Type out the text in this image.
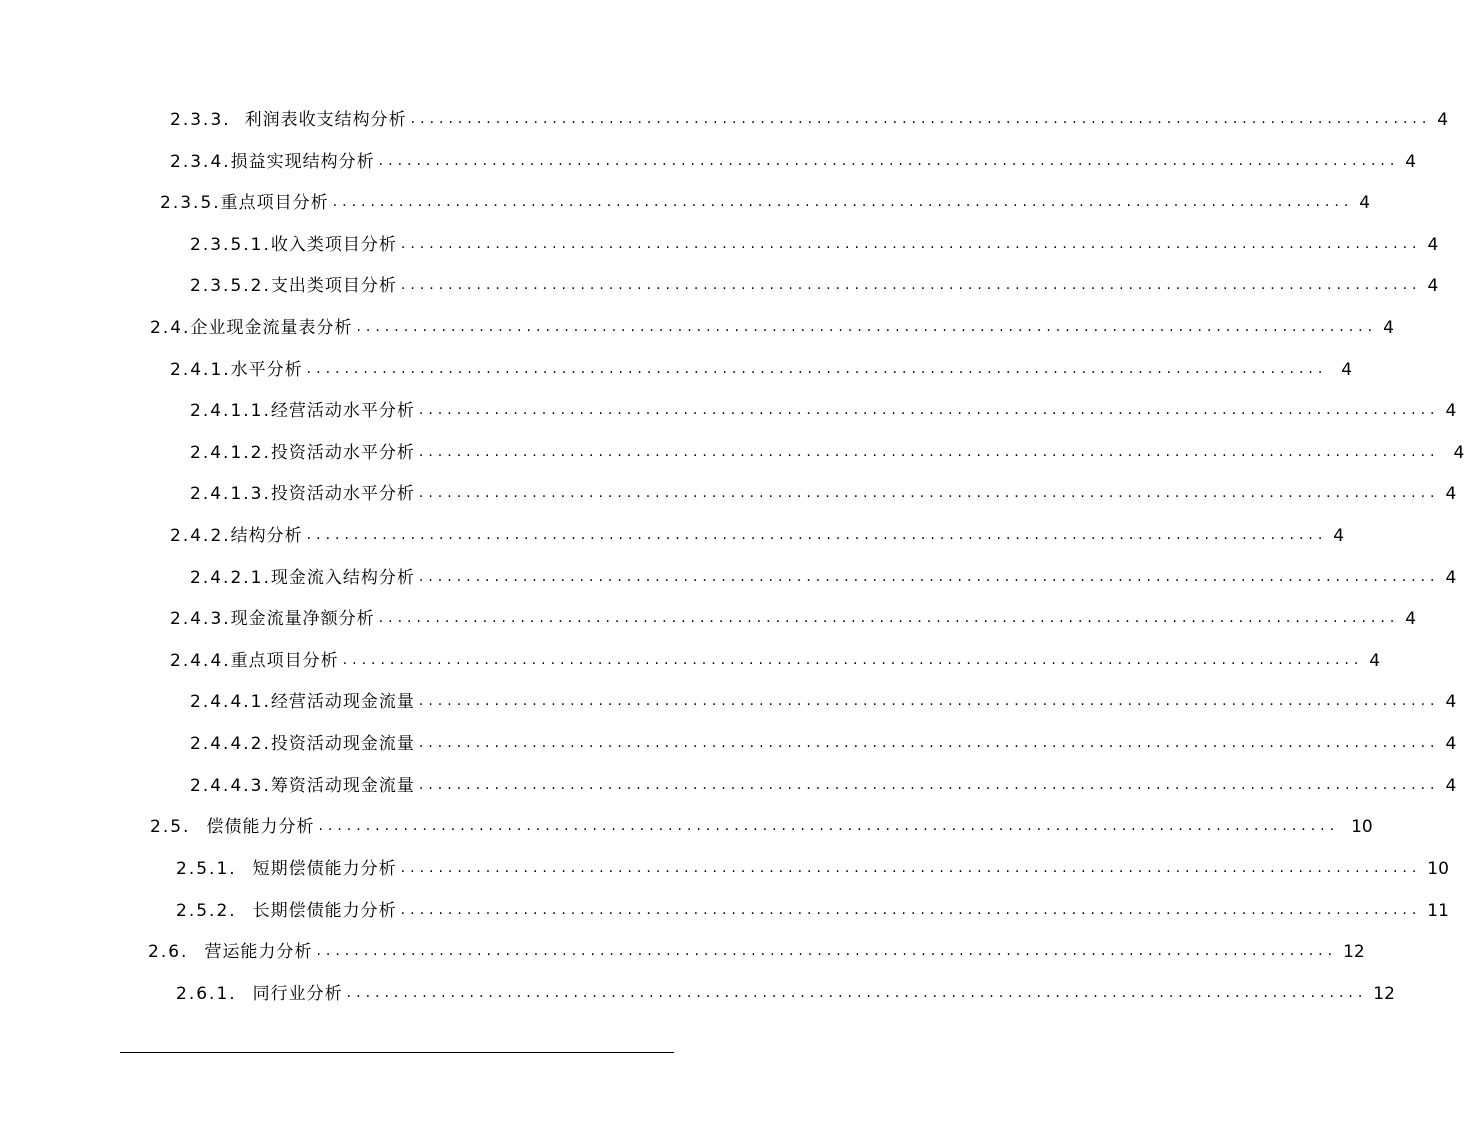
2.3.3. 利润表收支结构分析 ............................................................................................................ 4
2.3.4. 损益实现结构分析 ............................................................................................................ 4
2.3.5. 重点项目分析 ............................................................................................................ 4
2.3.5.1. 收入类项目分析 ............................................................................................................ 4
2.3.5.2. 支出类项目分析 ............................................................................................................ 4
2.4. 企业现金流量表分析 ............................................................................................................ 4
2.4.1. 水平分析 ............................................................................................................ 4
2.4.1.1. 经营活动水平分析 ............................................................................................................ 4
2.4.1.2. 投资活动水平分析 ............................................................................................................ 4
2.4.1.3. 投资活动水平分析 ............................................................................................................ 4
2.4.2. 结构分析 ............................................................................................................ 4
2.4.2.1. 现金流入结构分析 ............................................................................................................ 4
2.4.3. 现金流量净额分析 ............................................................................................................ 4
2.4.4. 重点项目分析 ............................................................................................................ 4
2.4.4.1. 经营活动现金流量 ............................................................................................................ 4
2.4.4.2. 投资活动现金流量 ............................................................................................................ 4
2.4.4.3. 筹资活动现金流量 ............................................................................................................ 4
2.5. 偿债能力分析 ............................................................................................................ 10
2.5.1. 短期偿债能力分析 ............................................................................................................ 10
2.5.2. 长期偿债能力分析 ............................................................................................................ 11
2.6. 营运能力分析 ............................................................................................................ 12
2.6.1. 同行业分析 ............................................................................................................ 12
